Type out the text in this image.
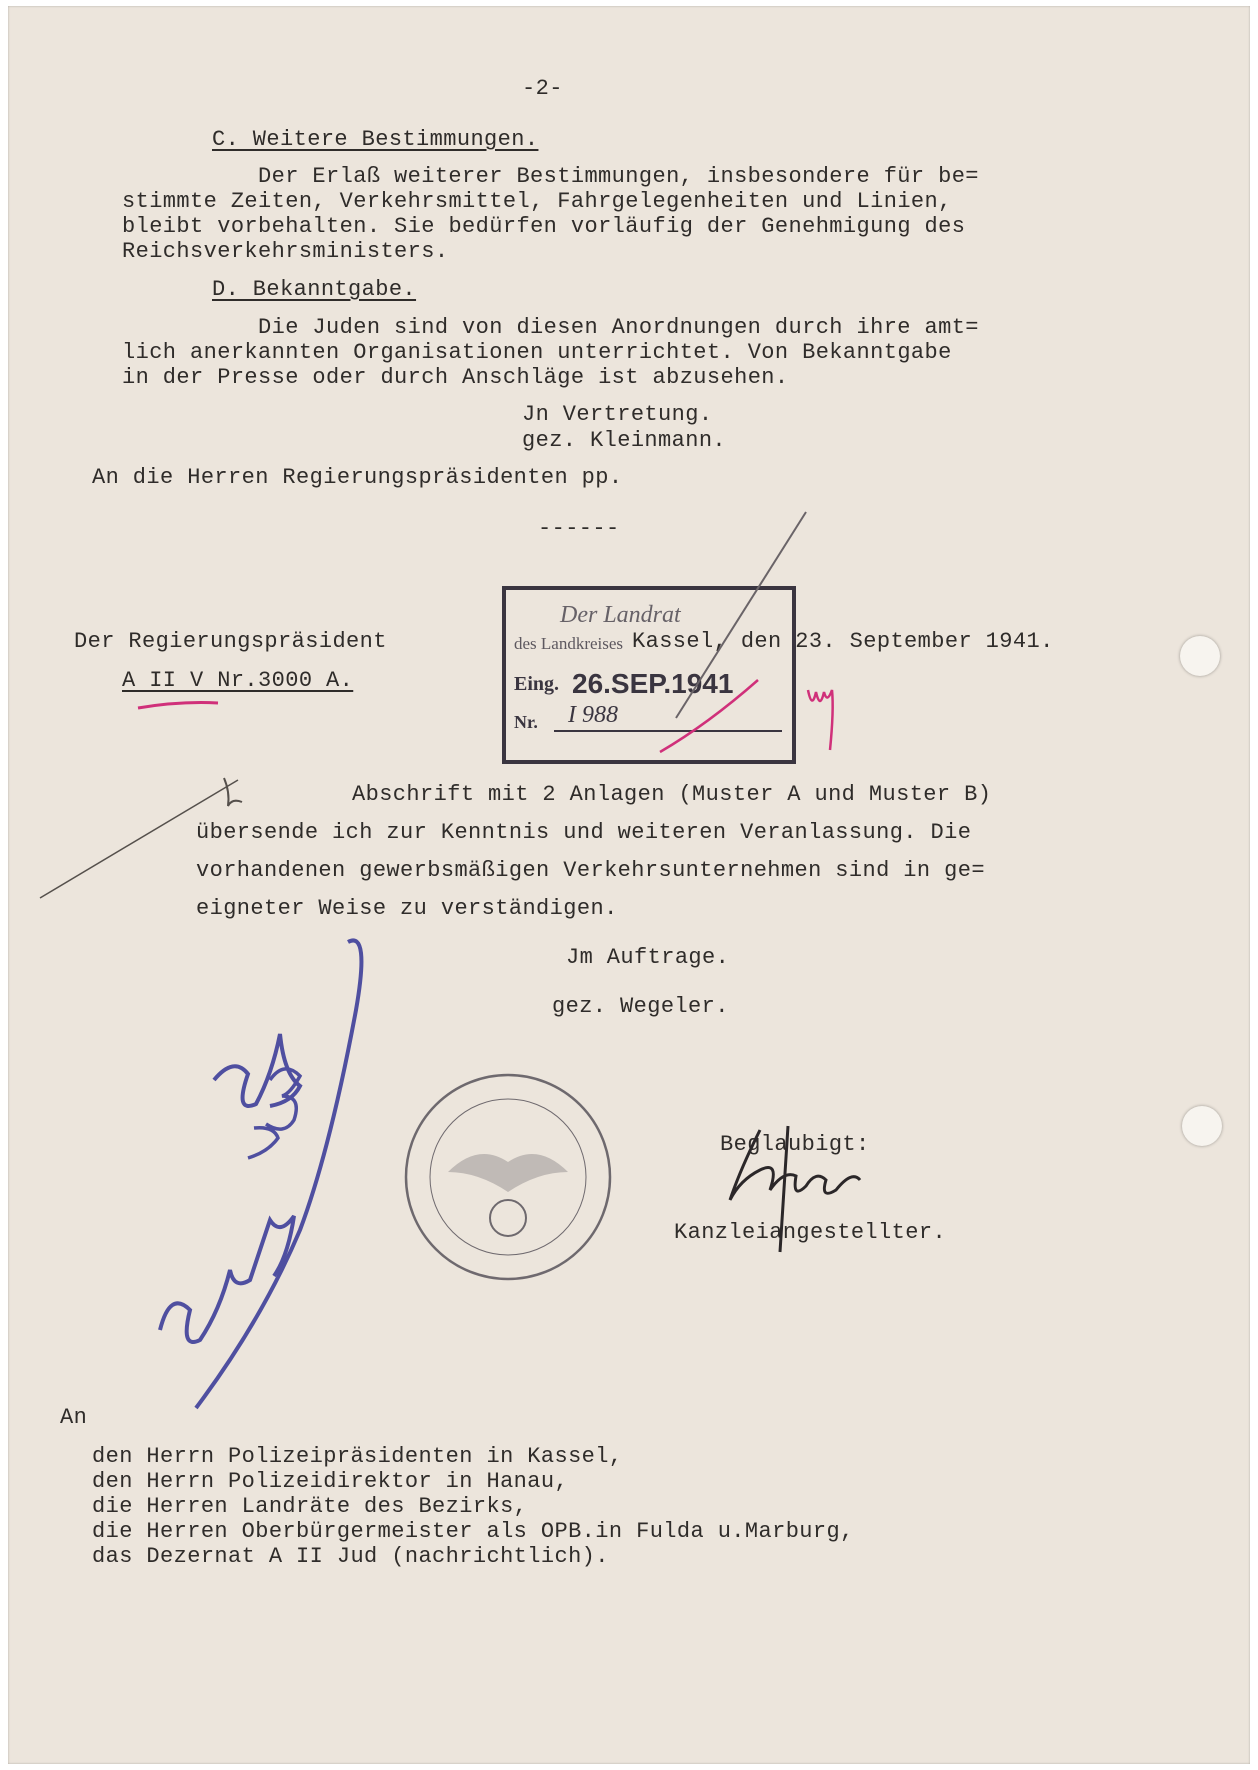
-2-
C. Weitere Bestimmungen.
Der Erlaß weiterer Bestimmungen, insbesondere für be=
stimmte Zeiten, Verkehrsmittel, Fahrgelegenheiten und Linien,
bleibt vorbehalten. Sie bedürfen vorläufig der Genehmigung des
Reichsverkehrsministers.
D. Bekanntgabe.
Die Juden sind von diesen Anordnungen durch ihre amt=
lich anerkannten Organisationen unterrichtet. Von Bekanntgabe
in der Presse oder durch Anschläge ist abzusehen.
Jn Vertretung.
gez. Kleinmann.
An die Herren Regierungspräsidenten pp.
------
Der Regierungspräsident
A II V Nr.3000 A.
Der Landrat
des Landkreises
Eing. 26.SEP.1941
Nr. I 988
Kassel, den 23. September 1941.
Abschrift mit 2 Anlagen (Muster A und Muster B)
übersende ich zur Kenntnis und weiteren Veranlassung. Die
vorhandenen gewerbsmäßigen Verkehrsunternehmen sind in ge=
eigneter Weise zu verständigen.
Jm Auftrage.
gez. Wegeler.
Beglaubigt:
Kanzleiangestellter.
An
den Herrn Polizeipräsidenten in Kassel,
den Herrn Polizeidirektor in Hanau,
die Herren Landräte des Bezirks,
die Herren Oberbürgermeister als OPB.in Fulda u.Marburg,
das Dezernat A II Jud (nachrichtlich).
